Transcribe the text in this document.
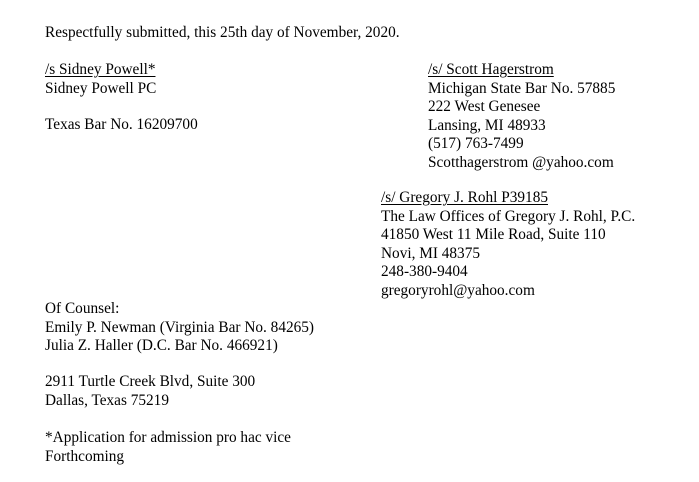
Respectfully submitted, this 25th day of November, 2020.
/s Sidney Powell*
Sidney Powell PC
Texas Bar No. 16209700
/s/ Scott Hagerstrom
Michigan State Bar No. 57885
222 West Genesee
Lansing, MI 48933
(517) 763-7499
Scotthagerstrom @yahoo.com
/s/ Gregory J. Rohl P39185
The Law Offices of Gregory J. Rohl, P.C.
41850 West 11 Mile Road, Suite 110
Novi, MI 48375
248-380-9404
gregoryrohl@yahoo.com
Of Counsel:
Emily P. Newman (Virginia Bar No. 84265)
Julia Z. Haller (D.C. Bar No. 466921)
2911 Turtle Creek Blvd, Suite 300
Dallas, Texas 75219
*Application for admission pro hac vice
Forthcoming
